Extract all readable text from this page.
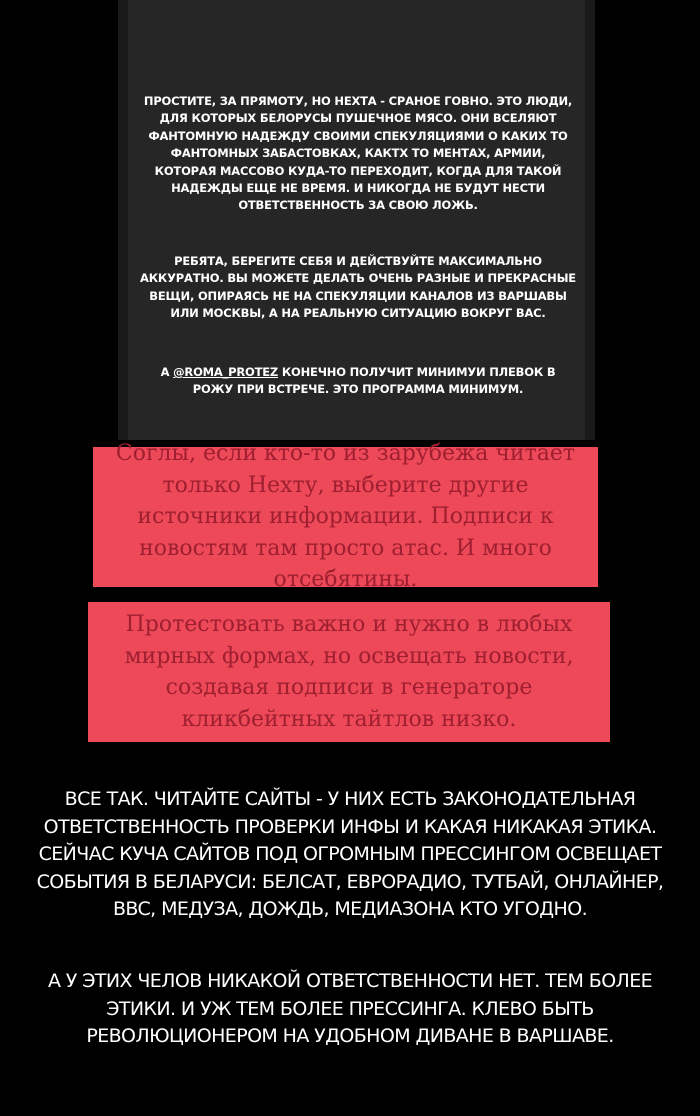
ПРОСТИТЕ, ЗА ПРЯМОТУ, НО НЕХТА - СРАНОЕ ГОВНО. ЭТО ЛЮДИ, ДЛЯ КОТОРЫХ БЕЛОРУСЫ ПУШЕЧНОЕ МЯСО. ОНИ ВСЕЛЯЮТ ФАНТОМНУЮ НАДЕЖДУ СВОИМИ СПЕКУЛЯЦИЯМИ О КАКИХ ТО ФАНТОМНЫХ ЗАБАСТОВКАХ, КАКТХ ТО МЕНТАХ, АРМИИ, КОТОРАЯ МАССОВО КУДА-ТО ПЕРЕХОДИТ, КОГДА ДЛЯ ТАКОЙ НАДЕЖДЫ ЕЩЕ НЕ ВРЕМЯ. И НИКОГДА НЕ БУДУТ НЕСТИ ОТВЕТСТВЕННОСТЬ ЗА СВОЮ ЛОЖЬ.
РЕБЯТА, БЕРЕГИТЕ СЕБЯ И ДЕЙСТВУЙТЕ МАКСИМАЛЬНО АККУРАТНО. ВЫ МОЖЕТЕ ДЕЛАТЬ ОЧЕНЬ РАЗНЫЕ И ПРЕКРАСНЫЕ ВЕЩИ, ОПИРАЯСЬ НЕ НА СПЕКУЛЯЦИИ КАНАЛОВ ИЗ ВАРШАВЫ ИЛИ МОСКВЫ, А НА РЕАЛЬНУЮ СИТУАЦИЮ ВОКРУГ ВАС.
А @ROMA_PROTEZ КОНЕЧНО ПОЛУЧИТ МИНИМУИ ПЛЕВОК В РОЖУ ПРИ ВСТРЕЧЕ. ЭТО ПРОГРАММА МИНИМУМ.
Соглы, если кто-то из зарубежа читает только Нехту, выберите другие источники информации. Подписи к новостям там просто атас. И много отсебятины.
Протестовать важно и нужно в любых мирных формах, но освещать новости, создавая подписи в генераторе кликбейтных тайтлов низко.
ВСЕ ТАК. ЧИТАЙТЕ САЙТЫ - У НИХ ЕСТЬ ЗАКОНОДАТЕЛЬНАЯ ОТВЕТСТВЕННОСТЬ ПРОВЕРКИ ИНФЫ И КАКАЯ НИКАКАЯ ЭТИКА. СЕЙЧАС КУЧА САЙТОВ ПОД ОГРОМНЫМ ПРЕССИНГОМ ОСВЕЩАЕТ СОБЫТИЯ В БЕЛАРУСИ: БЕЛСАТ, ЕВРОРАДИО, ТУТБАЙ, ОНЛАЙНЕР, BBC, МЕДУЗА, ДОЖДЬ, МЕДИАЗОНА КТО УГОДНО.
А У ЭТИХ ЧЕЛОВ НИКАКОЙ ОТВЕТСТВЕННОСТИ НЕТ. ТЕМ БОЛЕЕ ЭТИКИ. И УЖ ТЕМ БОЛЕЕ ПРЕССИНГА. КЛЕВО БЫТЬ РЕВОЛЮЦИОНЕРОМ НА УДОБНОМ ДИВАНЕ В ВАРШАВЕ.
